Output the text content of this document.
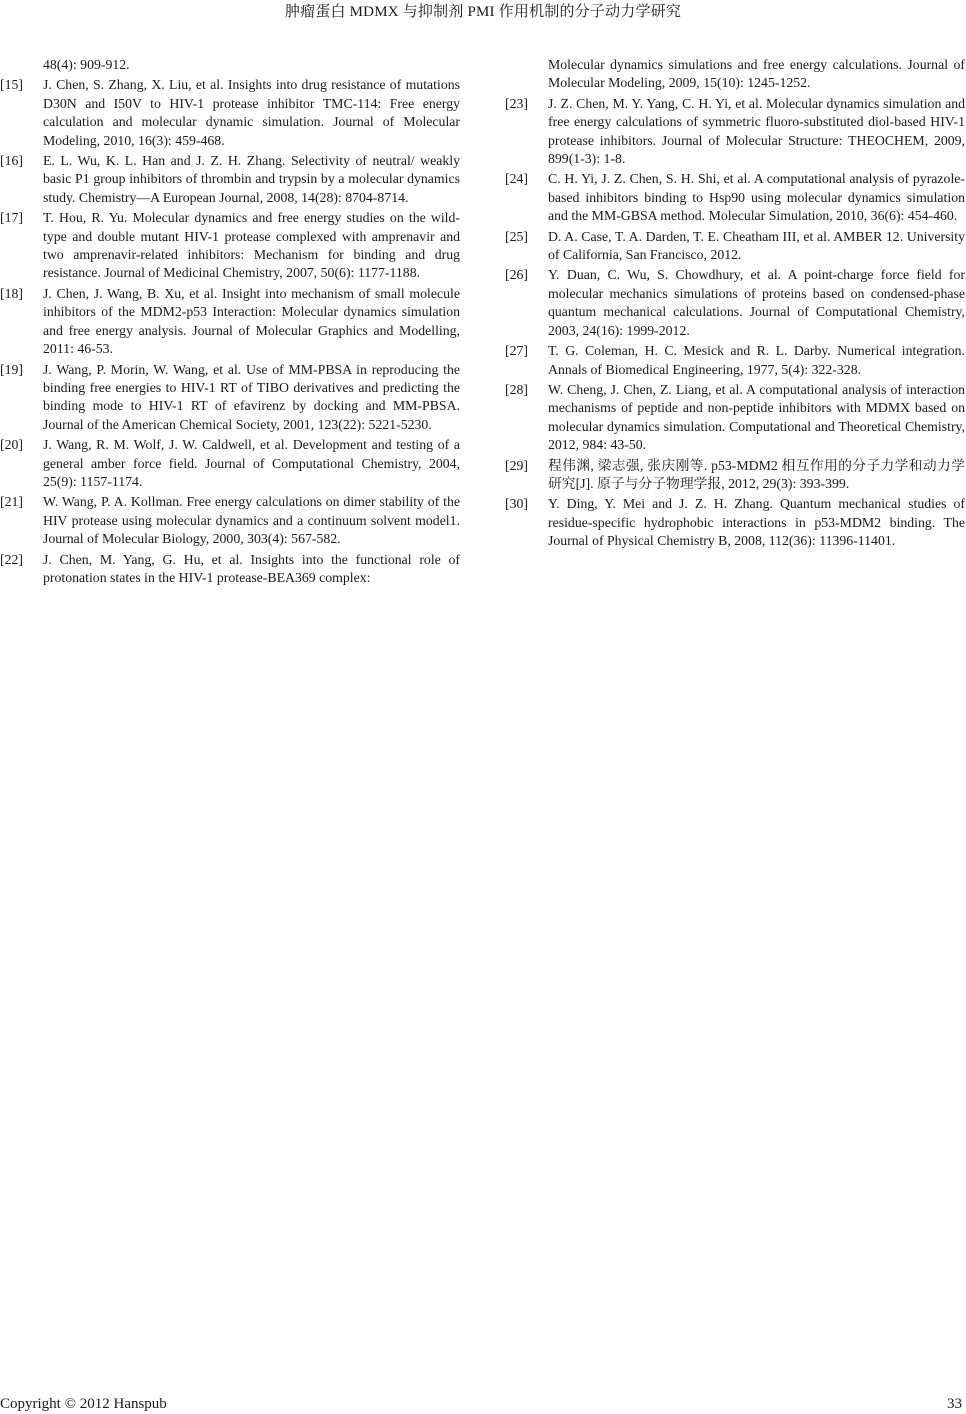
肿瘤蛋白 MDMX 与抑制剂 PMI 作用机制的分子动力学研究
48(4): 909-912.
[15] J. Chen, S. Zhang, X. Liu, et al. Insights into drug resistance of mutations D30N and I50V to HIV-1 protease inhibitor TMC-114: Free energy calculation and molecular dynamic simulation. Journal of Molecular Modeling, 2010, 16(3): 459-468.
[16] E. L. Wu, K. L. Han and J. Z. H. Zhang. Selectivity of neutral/ weakly basic P1 group inhibitors of thrombin and trypsin by a molecular dynamics study. Chemistry—A European Journal, 2008, 14(28): 8704-8714.
[17] T. Hou, R. Yu. Molecular dynamics and free energy studies on the wild-type and double mutant HIV-1 protease complexed with amprenavir and two amprenavir-related inhibitors: Mechanism for binding and drug resistance. Journal of Medicinal Chemistry, 2007, 50(6): 1177-1188.
[18] J. Chen, J. Wang, B. Xu, et al. Insight into mechanism of small molecule inhibitors of the MDM2-p53 Interaction: Molecular dynamics simulation and free energy analysis. Journal of Molecular Graphics and Modelling, 2011: 46-53.
[19] J. Wang, P. Morin, W. Wang, et al. Use of MM-PBSA in reproducing the binding free energies to HIV-1 RT of TIBO derivatives and predicting the binding mode to HIV-1 RT of efavirenz by docking and MM-PBSA. Journal of the American Chemical Society, 2001, 123(22): 5221-5230.
[20] J. Wang, R. M. Wolf, J. W. Caldwell, et al. Development and testing of a general amber force field. Journal of Computational Chemistry, 2004, 25(9): 1157-1174.
[21] W. Wang, P. A. Kollman. Free energy calculations on dimer stability of the HIV protease using molecular dynamics and a continuum solvent model1. Journal of Molecular Biology, 2000, 303(4): 567-582.
[22] J. Chen, M. Yang, G. Hu, et al. Insights into the functional role of protonation states in the HIV-1 protease-BEA369 complex:
Molecular dynamics simulations and free energy calculations. Journal of Molecular Modeling, 2009, 15(10): 1245-1252.
[23] J. Z. Chen, M. Y. Yang, C. H. Yi, et al. Molecular dynamics simulation and free energy calculations of symmetric fluoro-substituted diol-based HIV-1 protease inhibitors. Journal of Molecular Structure: THEOCHEM, 2009, 899(1-3): 1-8.
[24] C. H. Yi, J. Z. Chen, S. H. Shi, et al. A computational analysis of pyrazole-based inhibitors binding to Hsp90 using molecular dynamics simulation and the MM-GBSA method. Molecular Simulation, 2010, 36(6): 454-460.
[25] D. A. Case, T. A. Darden, T. E. Cheatham III, et al. AMBER 12. University of California, San Francisco, 2012.
[26] Y. Duan, C. Wu, S. Chowdhury, et al. A point-charge force field for molecular mechanics simulations of proteins based on condensed-phase quantum mechanical calculations. Journal of Computational Chemistry, 2003, 24(16): 1999-2012.
[27] T. G. Coleman, H. C. Mesick and R. L. Darby. Numerical integration. Annals of Biomedical Engineering, 1977, 5(4): 322-328.
[28] W. Cheng, J. Chen, Z. Liang, et al. A computational analysis of interaction mechanisms of peptide and non-peptide inhibitors with MDMX based on molecular dynamics simulation. Computational and Theoretical Chemistry, 2012, 984: 43-50.
[29] 程伟渊, 梁志强, 张庆刚等. p53-MDM2 相互作用的分子力学和动力学研究[J]. 原子与分子物理学报, 2012, 29(3): 393-399.
[30] Y. Ding, Y. Mei and J. Z. H. Zhang. Quantum mechanical studies of residue-specific hydrophobic interactions in p53-MDM2 binding. The Journal of Physical Chemistry B, 2008, 112(36): 11396-11401.
Copyright © 2012 Hanspub	33
